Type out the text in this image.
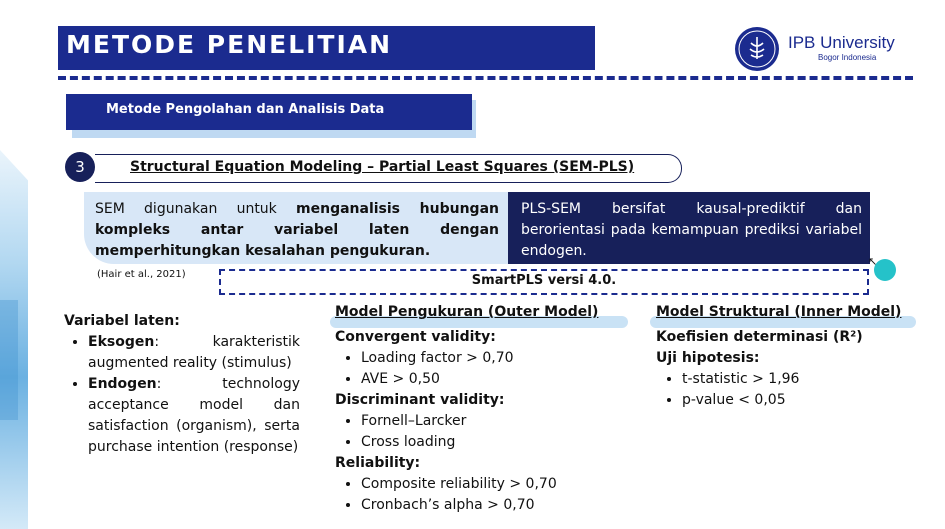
METODE PENELITIAN	IPB University
Bogor Indonesia
Metode Pengolahan dan Analisis Data
3	Structural Equation Modeling – Partial Least Squares (SEM-PLS)
SEM digunakan untuk menganalisis hubungan kompleks antar variabel laten dengan memperhitungkan kesalahan pengukuran.
PLS-SEM bersifat kausal-prediktif dan berorientasi pada kemampuan prediksi variabel endogen.
(Hair et al., 2021)
↖
SmartPLS versi 4.0.
Variabel laten:
• Eksogen: karakteristik augmented reality (stimulus)
• Endogen: technology acceptance model dan satisfaction (organism), serta purchase intention (response)
Model Pengukuran (Outer Model)	Model Struktural (Inner Model)
Convergent validity:
• Loading factor > 0,70
• AVE > 0,50
Discriminant validity:
• Fornell–Larcker
• Cross loading
Reliability:
• Composite reliability > 0,70
• Cronbach’s alpha > 0,70
Koefisien determinasi (R²)
Uji hipotesis:
• t-statistic > 1,96
• p-value < 0,05
